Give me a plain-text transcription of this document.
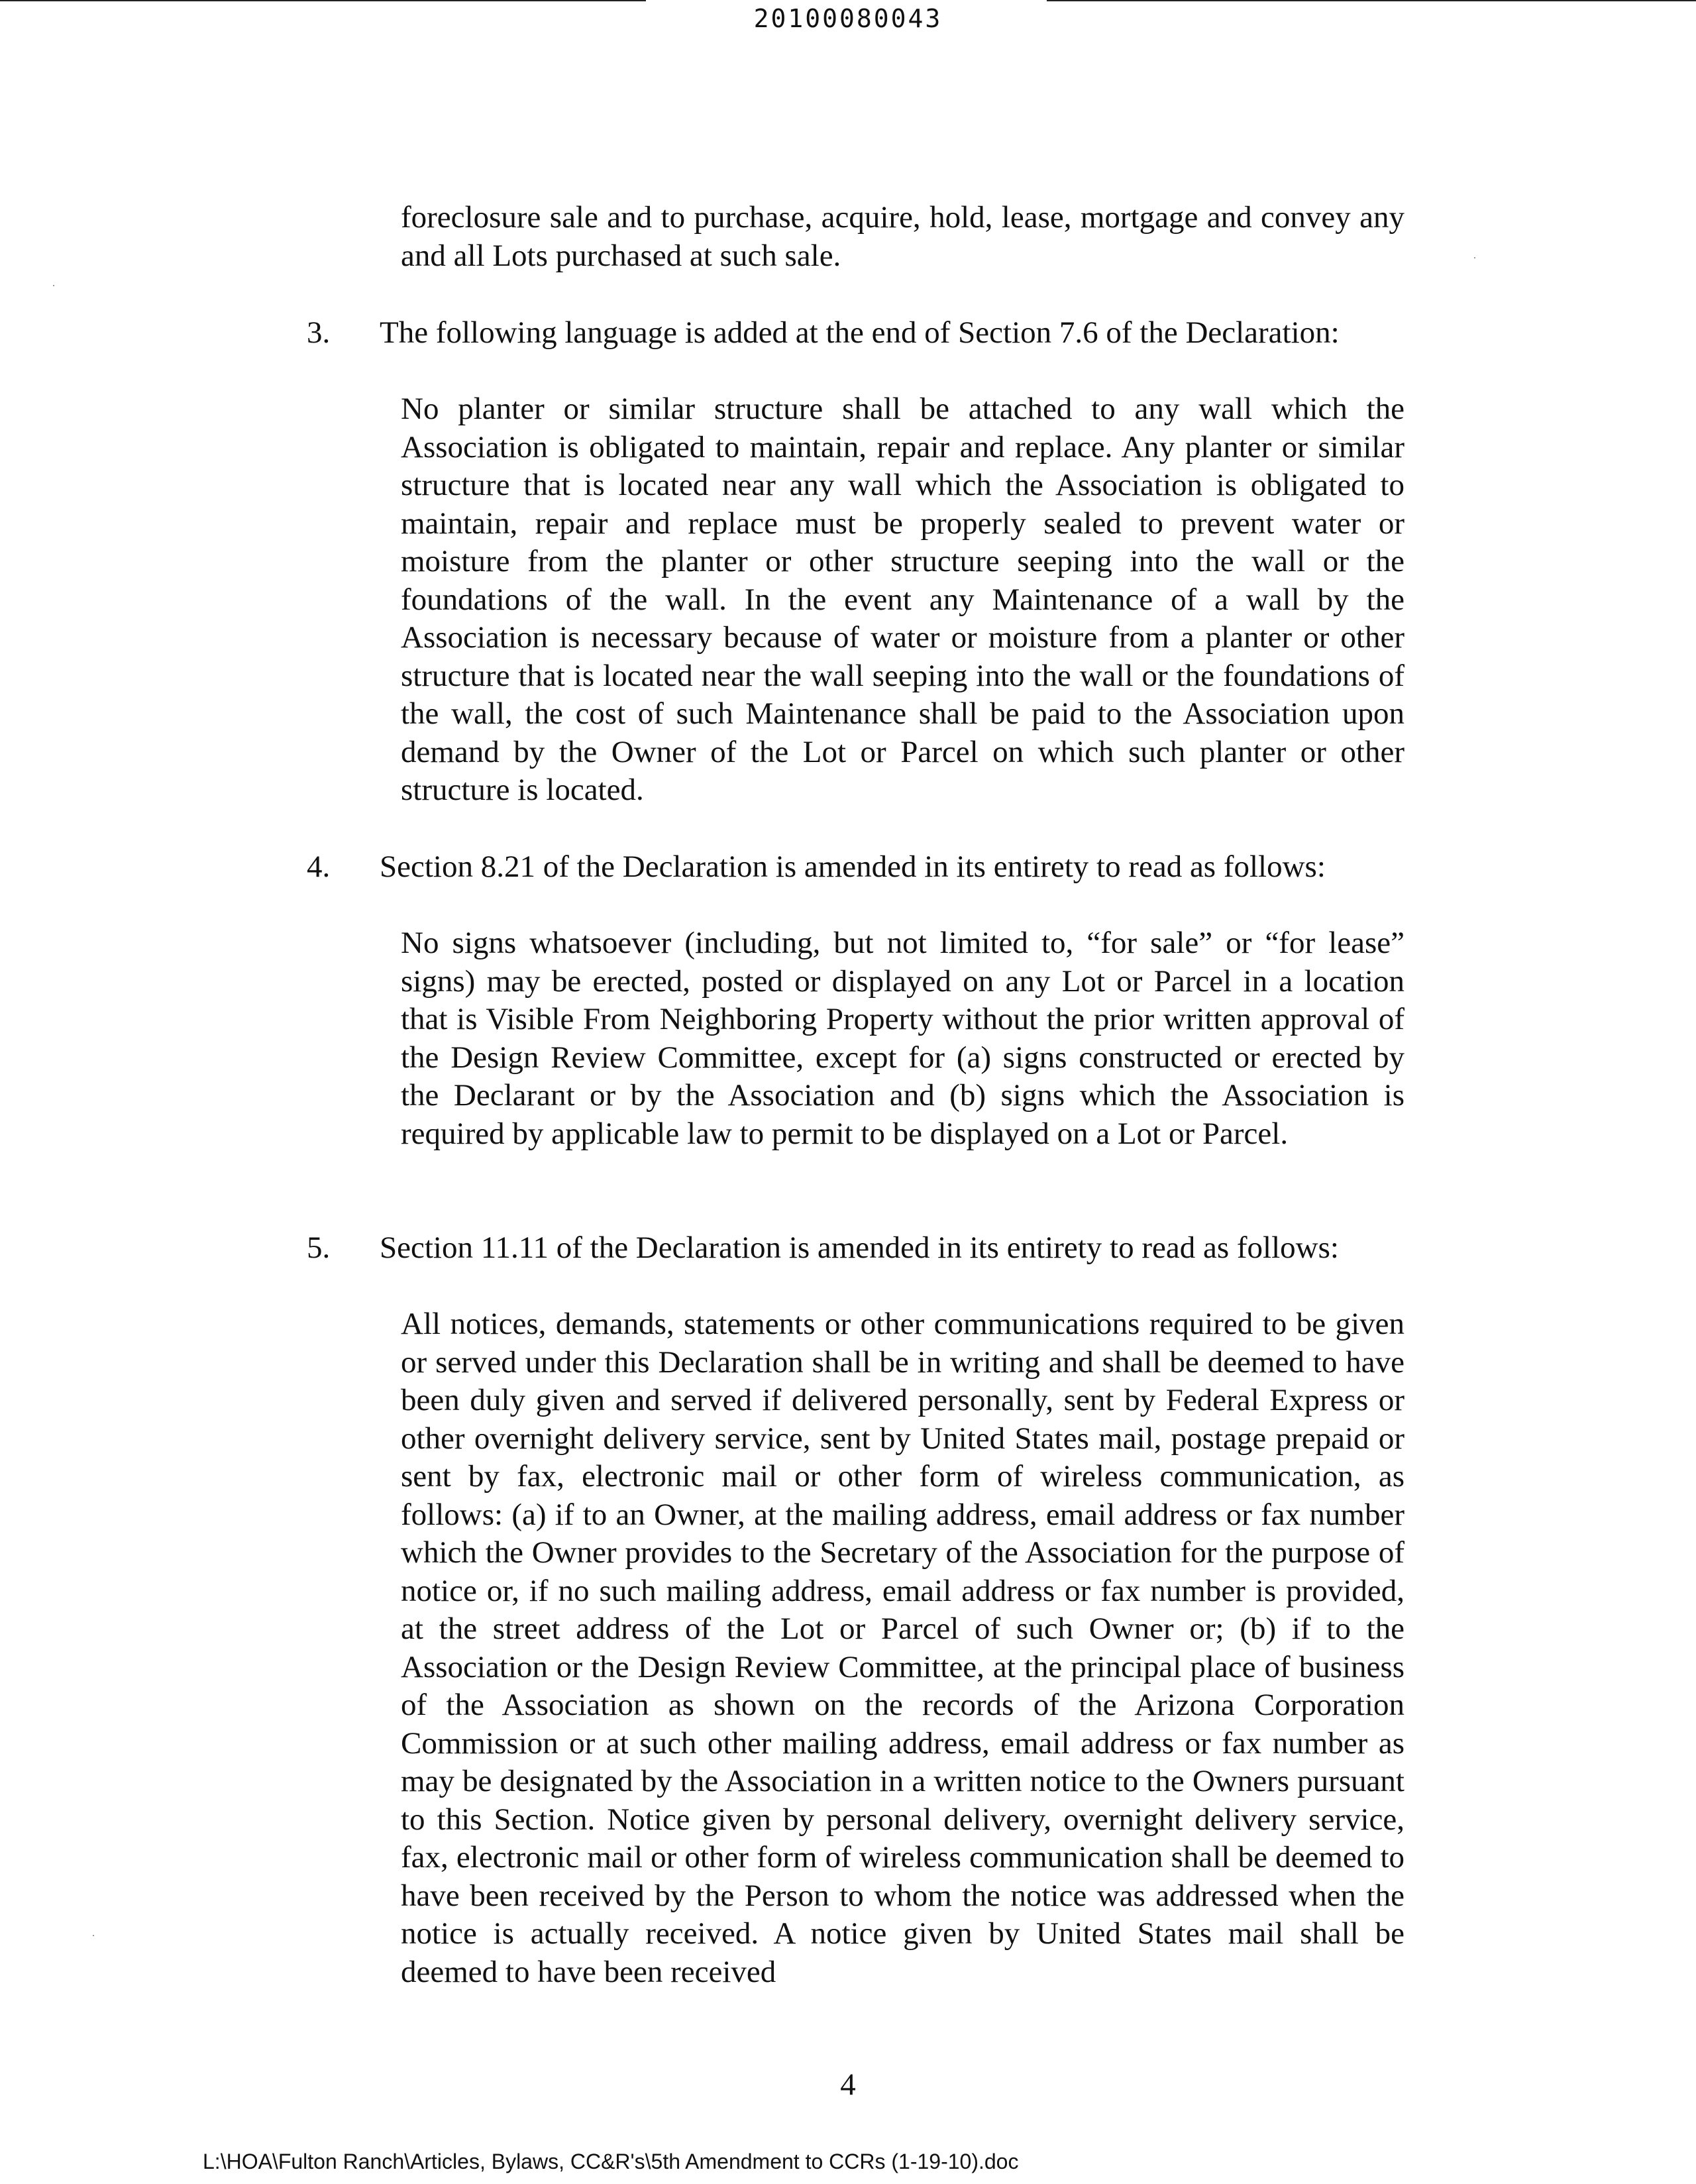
20100080043
foreclosure sale and to purchase, acquire, hold, lease, mortgage and convey any and all Lots purchased at such sale.
3.	The following language is added at the end of Section 7.6 of the Declaration:
No planter or similar structure shall be attached to any wall which the Association is obligated to maintain, repair and replace. Any planter or similar structure that is located near any wall which the Association is obligated to maintain, repair and replace must be properly sealed to prevent water or moisture from the planter or other structure seeping into the wall or the foundations of the wall. In the event any Maintenance of a wall by the Association is necessary because of water or moisture from a planter or other structure that is located near the wall seeping into the wall or the foundations of the wall, the cost of such Maintenance shall be paid to the Association upon demand by the Owner of the Lot or Parcel on which such planter or other structure is located.
4.	Section 8.21 of the Declaration is amended in its entirety to read as follows:
No signs whatsoever (including, but not limited to, “for sale” or “for lease” signs) may be erected, posted or displayed on any Lot or Parcel in a location that is Visible From Neighboring Property without the prior written approval of the Design Review Committee, except for (a) signs constructed or erected by the Declarant or by the Association and (b) signs which the Association is required by applicable law to permit to be displayed on a Lot or Parcel.
5.	Section 11.11 of the Declaration is amended in its entirety to read as follows:
All notices, demands, statements or other communications required to be given or served under this Declaration shall be in writing and shall be deemed to have been duly given and served if delivered personally, sent by Federal Express or other overnight delivery service, sent by United States mail, postage prepaid or sent by fax, electronic mail or other form of wireless communication, as follows: (a) if to an Owner, at the mailing address, email address or fax number which the Owner provides to the Secretary of the Association for the purpose of notice or, if no such mailing address, email address or fax number is provided, at the street address of the Lot or Parcel of such Owner or; (b) if to the Association or the Design Review Committee, at the principal place of business of the Association as shown on the records of the Arizona Corporation Commission or at such other mailing address, email address or fax number as may be designated by the Association in a written notice to the Owners pursuant to this Section. Notice given by personal delivery, overnight delivery service, fax, electronic mail or other form of wireless communication shall be deemed to have been received by the Person to whom the notice was addressed when the notice is actually received. A notice given by United States mail shall be deemed to have been received
4
L:\HOA\Fulton Ranch\Articles, Bylaws, CC&R's\5th Amendment to CCRs (1-19-10).doc
